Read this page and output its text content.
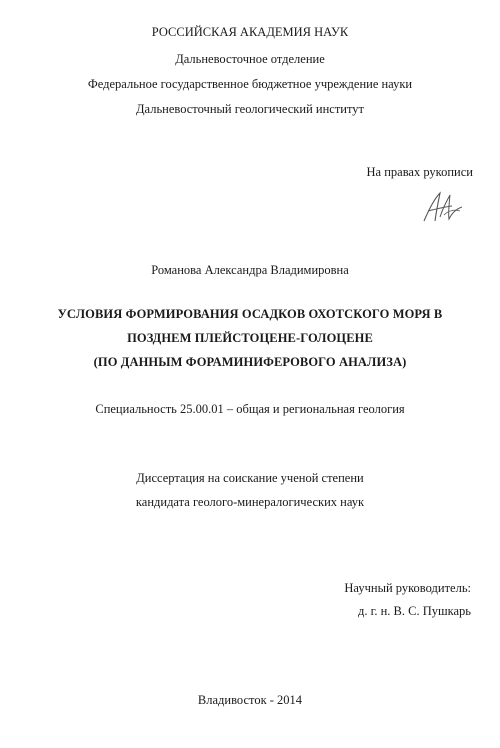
РОССИЙСКАЯ АКАДЕМИЯ НАУК
Дальневосточное отделение
Федеральное государственное бюджетное учреждение науки
Дальневосточный геологический институт
На правах рукописи
Романова Александра Владимировна
УСЛОВИЯ ФОРМИРОВАНИЯ ОСАДКОВ ОХОТСКОГО МОРЯ В
ПОЗДНЕМ ПЛЕЙСТОЦЕНЕ-ГОЛОЦЕНЕ
(ПО ДАННЫМ ФОРАМИНИФЕРОВОГО АНАЛИЗА)
Специальность 25.00.01 – общая и региональная геология
Диссертация на соискание ученой степени
кандидата геолого-минералогических наук
Научный руководитель:
д. г. н. В. С. Пушкарь
Владивосток - 2014
